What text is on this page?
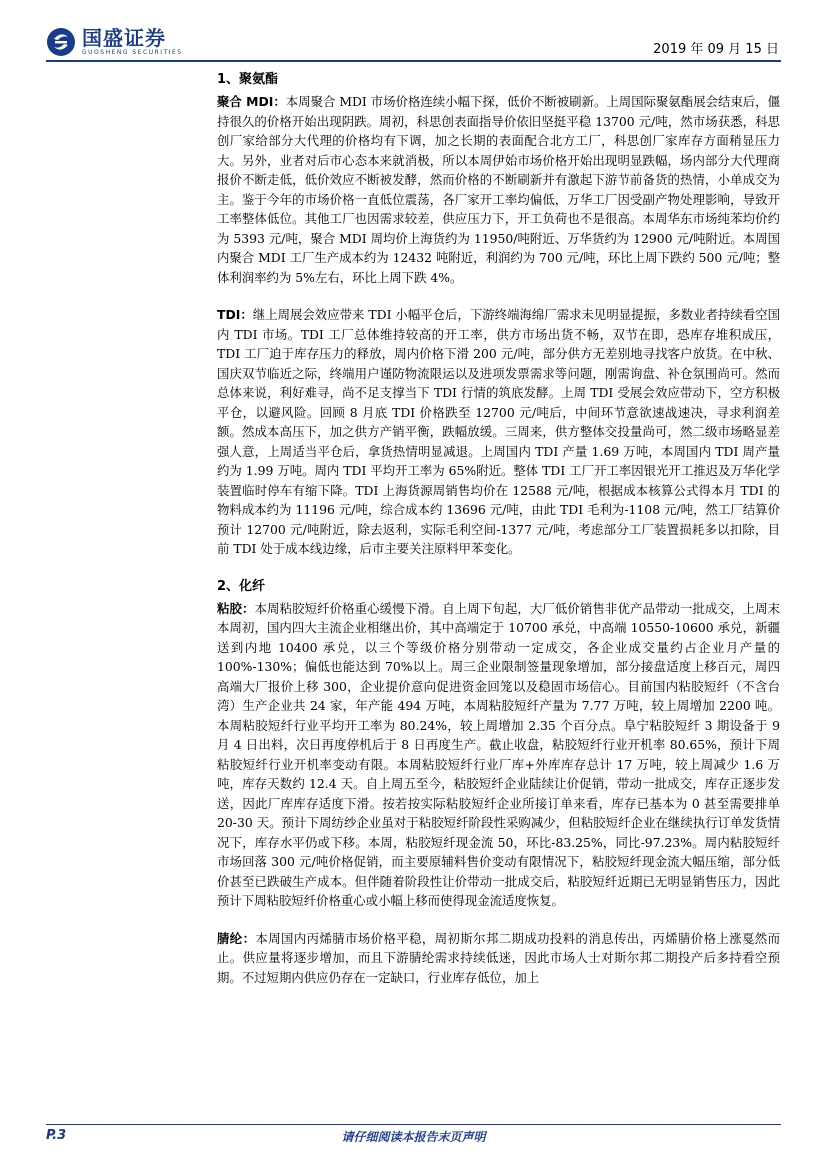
国盛证券
GUOSHENG SECURITIES	2019 年 09 月 15 日
1、聚氨酯

聚合 MDI：本周聚合 MDI 市场价格连续小幅下探，低价不断被刷新。上周国际聚氨酯展会结束后，僵持很久的价格开始出现阴跌。周初，科思创表面指导价依旧坚挺平稳 13700 元/吨，然市场获悉，科思创厂家给部分大代理的价格均有下调，加之长期的表面配合北方工厂，科思创厂家库存方面稍显压力大。另外，业者对后市心态本来就消极，所以本周伊始市场价格开始出现明显跌幅，场内部分大代理商报价不断走低，低价效应不断被发酵，然而价格的不断刷新并有激起下游节前备货的热情，小单成交为主。鉴于今年的市场价格一直低位震荡，各厂家开工率均偏低，万华工厂因受副产物处理影响，导致开工率整体低位。其他工厂也因需求较差，供应压力下，开工负荷也不是很高。本周华东市场纯苯均价约为 5393 元/吨，聚合 MDI 周均价上海货约为 11950/吨附近、万华货约为 12900 元/吨附近。本周国内聚合 MDI 工厂生产成本约为 12432 吨附近，利润约为 700 元/吨，环比上周下跌约 500 元/吨；整体利润率约为 5%左右，环比上周下跌 4%。

TDI：继上周展会效应带来 TDI 小幅平仓后，下游终端海绵厂需求未见明显提振，多数业者持续看空国内 TDI 市场。TDI 工厂总体维持较高的开工率，供方市场出货不畅，双节在即，恐库存堆积成压，TDI 工厂迫于库存压力的释放，周内价格下滑 200 元/吨，部分供方无差别地寻找客户放货。在中秋、国庆双节临近之际，终端用户谨防物流限运以及进项发票需求等问题，刚需询盘、补仓氛围尚可。然而总体来说，利好难寻，尚不足支撑当下 TDI 行情的筑底发酵。上周 TDI 受展会效应带动下，空方积极平仓，以避风险。回顾 8 月底 TDI 价格跌至 12700 元/吨后，中间环节意欲速战速决，寻求利润差额。然成本高压下，加之供方产销平衡，跌幅放缓。三周来，供方整体交投量尚可，然二级市场略显差强人意，上周适当平仓后，拿货热情明显减退。上周国内 TDI 产量 1.69 万吨，本周国内 TDI 周产量约为 1.99 万吨。周内 TDI 平均开工率为 65%附近。整体 TDI 工厂开工率因银光开工推迟及万华化学装置临时停车有缩下降。TDI 上海货源周销售均价在 12588 元/吨，根据成本核算公式得本月 TDI 的物料成本约为 11196 元/吨，综合成本约 13696 元/吨，由此 TDI 毛利为-1108 元/吨，然工厂结算价预计 12700 元/吨附近，除去返利，实际毛利空间-1377 元/吨，考虑部分工厂装置损耗多以扣除，目前 TDI 处于成本线边缘，后市主要关注原料甲苯变化。

2、化纤

粘胶：本周粘胶短纤价格重心缓慢下滑。自上周下旬起，大厂低价销售非优产品带动一批成交，上周末本周初，国内四大主流企业相继出价，其中高端定于 10700 承兑，中高端 10550-10600 承兑，新疆送到内地 10400 承兑，以三个等级价格分别带动一定成交，各企业成交量约占企业月产量的 100%-130%；偏低也能达到 70%以上。周三企业限制签量现象增加，部分接盘适度上移百元，周四高端大厂报价上移 300，企业提价意向促进资金回笼以及稳固市场信心。目前国内粘胶短纤（不含台湾）生产企业共 24 家，年产能 494 万吨，本周粘胶短纤产量为 7.77 万吨，较上周增加 2200 吨。本周粘胶短纤行业平均开工率为 80.24%，较上周增加 2.35 个百分点。阜宁粘胶短纤 3 期设备于 9 月 4 日出料，次日再度停机后于 8 日再度生产。截止收盘，粘胶短纤行业开机率 80.65%，预计下周粘胶短纤行业开机率变动有限。本周粘胶短纤行业厂库+外库库存总计 17 万吨，较上周减少 1.6 万吨，库存天数约 12.4 天。自上周五至今，粘胶短纤企业陆续让价促销，带动一批成交，库存正逐步发送，因此厂库库存适度下滑。按若按实际粘胶短纤企业所接订单来看，库存已基本为 0 甚至需要排单 20-30 天。预计下周纺纱企业虽对于粘胶短纤阶段性采购减少，但粘胶短纤企业在继续执行订单发货情况下，库存水平仍或下移。本周，粘胶短纤现金流 50，环比-83.25%，同比-97.23%。周内粘胶短纤市场回落 300 元/吨价格促销，而主要原辅料售价变动有限情况下，粘胶短纤现金流大幅压缩，部分低价甚至已跌破生产成本。但伴随着阶段性让价带动一批成交后，粘胶短纤近期已无明显销售压力，因此预计下周粘胶短纤价格重心或小幅上移而使得现金流适度恢复。

腈纶：本周国内丙烯腈市场价格平稳，周初斯尔邦二期成功投料的消息传出，丙烯腈价格上涨戛然而止。供应量将逐步增加，而且下游腈纶需求持续低迷，因此市场人士对斯尔邦二期投产后多持看空预期。不过短期内供应仍存在一定缺口，行业库存低位，加上

P.3	请仔细阅读本报告末页声明
